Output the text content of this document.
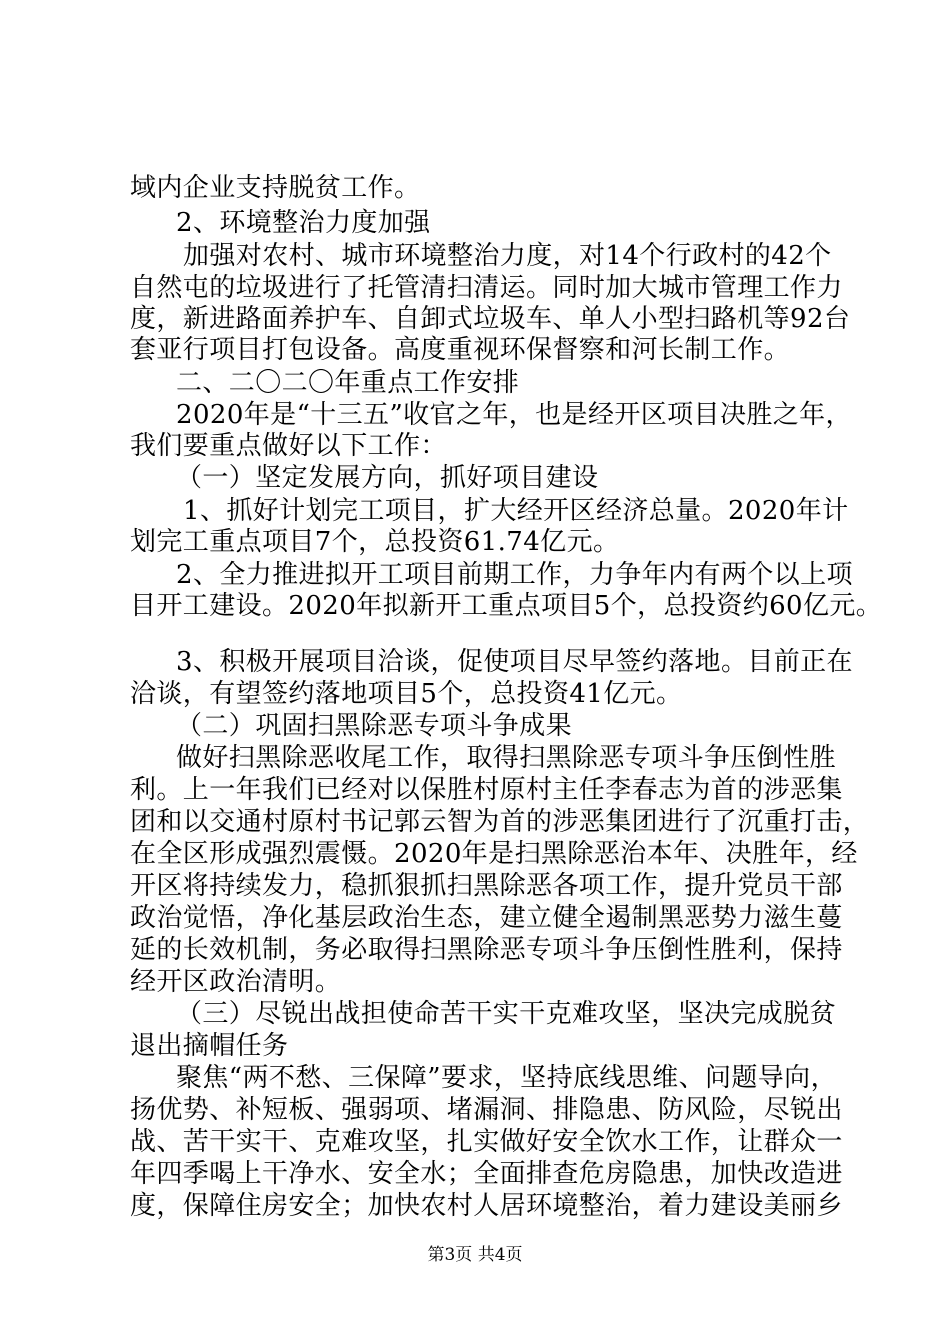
域内企业支持脱贫工作。
2、环境整治力度加强
加强对农村、城市环境整治力度，对14个行政村的42个
自然屯的垃圾进行了托管清扫清运。同时加大城市管理工作力
度，新进路面养护车、自卸式垃圾车、单人小型扫路机等92台
套亚行项目打包设备。高度重视环保督察和河长制工作。
二、二〇二〇年重点工作安排
2020年是“十三五”收官之年，也是经开区项目决胜之年，
我们要重点做好以下工作：
（一）坚定发展方向，抓好项目建设
1、抓好计划完工项目，扩大经开区经济总量。2020年计
划完工重点项目7个，总投资61.74亿元。
2、全力推进拟开工项目前期工作，力争年内有两个以上项
目开工建设。2020年拟新开工重点项目5个，总投资约60亿元。
3、积极开展项目洽谈，促使项目尽早签约落地。目前正在
洽谈，有望签约落地项目5个，总投资41亿元。
（二）巩固扫黑除恶专项斗争成果
做好扫黑除恶收尾工作，取得扫黑除恶专项斗争压倒性胜
利。上一年我们已经对以保胜村原村主任李春志为首的涉恶集
团和以交通村原村书记郭云智为首的涉恶集团进行了沉重打击，
在全区形成强烈震慑。2020年是扫黑除恶治本年、决胜年，经
开区将持续发力，稳抓狠抓扫黑除恶各项工作，提升党员干部
政治觉悟，净化基层政治生态，建立健全遏制黑恶势力滋生蔓
延的长效机制，务必取得扫黑除恶专项斗争压倒性胜利，保持
经开区政治清明。
（三）尽锐出战担使命苦干实干克难攻坚，坚决完成脱贫
退出摘帽任务
聚焦“两不愁、三保障”要求，坚持底线思维、问题导向，
扬优势、补短板、强弱项、堵漏洞、排隐患、防风险，尽锐出
战、苦干实干、克难攻坚，扎实做好安全饮水工作，让群众一
年四季喝上干净水、安全水；全面排查危房隐患，加快改造进
度，保障住房安全；加快农村人居环境整治，着力建设美丽乡
第3页 共4页
